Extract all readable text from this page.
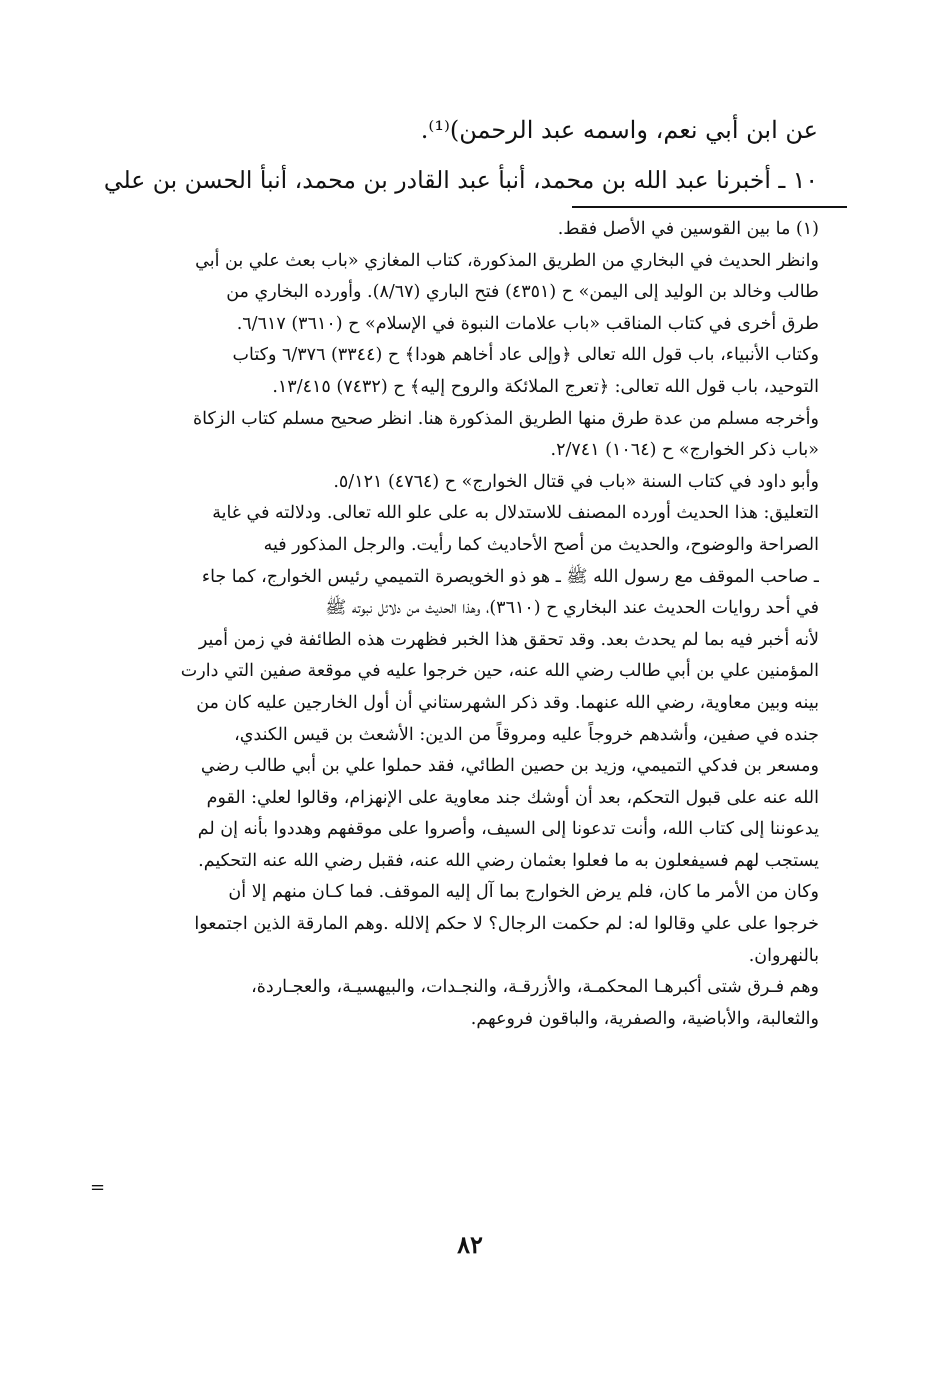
عن ابن أبي نعم، واسمه عبد الرحمن)⁽¹⁾.
١٠ ـ أخبرنا عبد الله بن محمد، أنبأ عبد القادر بن محمد، أنبأ الحسن بن علي
(١) ما بين القوسين في الأصل فقط.
وانظر الحديث في البخاري من الطريق المذكورة، كتاب المغازي «باب بعث علي بن أبي
طالب وخالد بن الوليد إلى اليمن» ح (٤٣٥١) فتح الباري (٨/٦٧). وأورده البخاري من
طرق أخرى في كتاب المناقب «باب علامات النبوة في الإسلام» ح (٣٦١٠) ٦/٦١٧.
وكتاب الأنبياء، باب قول الله تعالى ﴿وإلى عاد أخاهم هودا﴾ ح (٣٣٤٤) ٦/٣٧٦ وكتاب
التوحيد، باب قول الله تعالى: ﴿تعرج الملائكة والروح إليه﴾ ح (٧٤٣٢) ١٣/٤١٥.
وأخرجه مسلم من عدة طرق منها الطريق المذكورة هنا. انظر صحيح مسلم كتاب الزكاة
«باب ذكر الخوارج» ح (١٠٦٤) ٢/٧٤١.
وأبو داود في كتاب السنة «باب في قتال الخوارج» ح (٤٧٦٤) ٥/١٢١.
التعليق: هذا الحديث أورده المصنف للاستدلال به على علو الله تعالى. ودلالته في غاية
الصراحة والوضوح، والحديث من أصح الأحاديث كما رأيت. والرجل المذكور فيه
ـ صاحب الموقف مع رسول الله ﷺ ـ هو ذو الخويصرة التميمي رئيس الخوارج، كما جاء
في أحد روايات الحديث عند البخاري ح (٣٦١٠)، وهذا الحديث من دلائل نبوته ﷺ
لأنه أخبر فيه بما لم يحدث بعد. وقد تحقق هذا الخبر فظهرت هذه الطائفة في زمن أمير
المؤمنين علي بن أبي طالب رضي الله عنه، حين خرجوا عليه في موقعة صفين التي دارت
بينه وبين معاوية، رضي الله عنهما. وقد ذكر الشهرستاني أن أول الخارجين عليه كان من
جنده في صفين، وأشدهم خروجاً عليه ومروقاً من الدين: الأشعث بن قيس الكندي،
ومسعر بن فدكي التميمي، وزيد بن حصين الطائي، فقد حملوا علي بن أبي طالب رضي
الله عنه على قبول التحكم، بعد أن أوشك جند معاوية على الإنهزام، وقالوا لعلي: القوم
يدعوننا إلى كتاب الله، وأنت تدعونا إلى السيف، وأصروا على موقفهم وهددوا بأنه إن لم
يستجب لهم فسيفعلون به ما فعلوا بعثمان رضي الله عنه، فقبل رضي الله عنه التحكيم.
وكان من الأمر ما كان، فلم يرض الخوارج بما آل إليه الموقف. فما كـان منهم إلا أن
خرجوا على علي وقالوا له: لم حكمت الرجال؟ لا حكم إلالله .وهم المارقة الذين اجتمعوا
بالنهروان.
وهم فـرق شتى أكبرهـا المحكمـة، والأزرقـة، والنجـدات، والبيهسيـة، والعجـاردة،
والثعالبة، والأباضية، والصفرية، والباقون فروعهم.
=
٨٢
